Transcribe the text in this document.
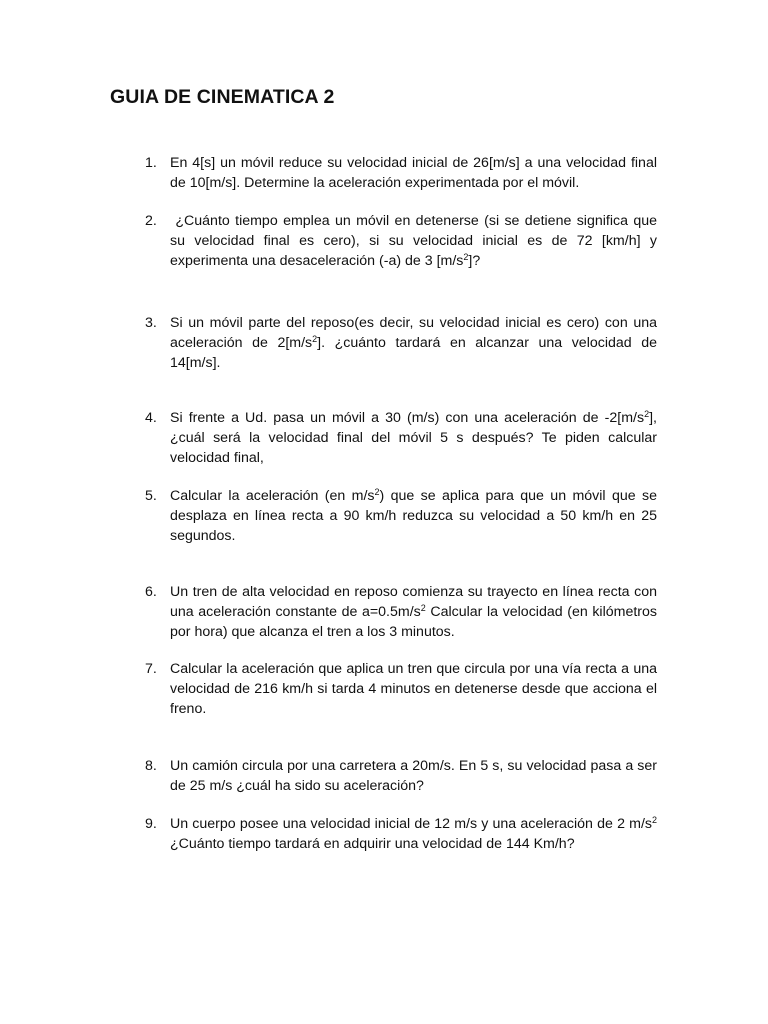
GUIA DE CINEMATICA 2
1. En 4[s] un móvil reduce su velocidad inicial de 26[m/s] a una velocidad final de 10[m/s]. Determine la aceleración experimentada por el móvil.
2.	¿Cuánto tiempo emplea un móvil en detenerse (si se detiene significa que su velocidad final es cero), si su velocidad inicial es de 72 [km/h] y experimenta una desaceleración (-a) de 3 $[m/s^2]$?
3. Si un móvil parte del reposo(es decir, su velocidad inicial es cero) con una aceleración de $2[m/s^2]$. ¿cuánto tardará en alcanzar una velocidad de 14[m/s].
4. Si frente a Ud. pasa un móvil a 30 (m/s) con una aceleración de $-2[m/s^2]$, ¿cuál será la velocidad final del móvil 5 s después? Te piden calcular velocidad final,
5. Calcular la aceleración (en $m/s^2$) que se aplica para que un móvil que se desplaza en línea recta a 90 km/h reduzca su velocidad a 50 km/h en 25 segundos.
6. Un tren de alta velocidad en reposo comienza su trayecto en línea recta con una aceleración constante de $a=0.5m/s^2$ Calcular la velocidad (en kilómetros por hora) que alcanza el tren a los 3 minutos.
7. Calcular la aceleración que aplica un tren que circula por una vía recta a una velocidad de 216 km/h si tarda 4 minutos en detenerse desde que acciona el freno.
8. Un camión circula por una carretera a 20m/s. En 5 s, su velocidad pasa a ser de 25 m/s ¿cuál ha sido su aceleración?
9. Un cuerpo posee una velocidad inicial de 12 m/s y una aceleración de 2 $m/s^2$ ¿Cuánto tiempo tardará en adquirir una velocidad de 144 Km/h?
